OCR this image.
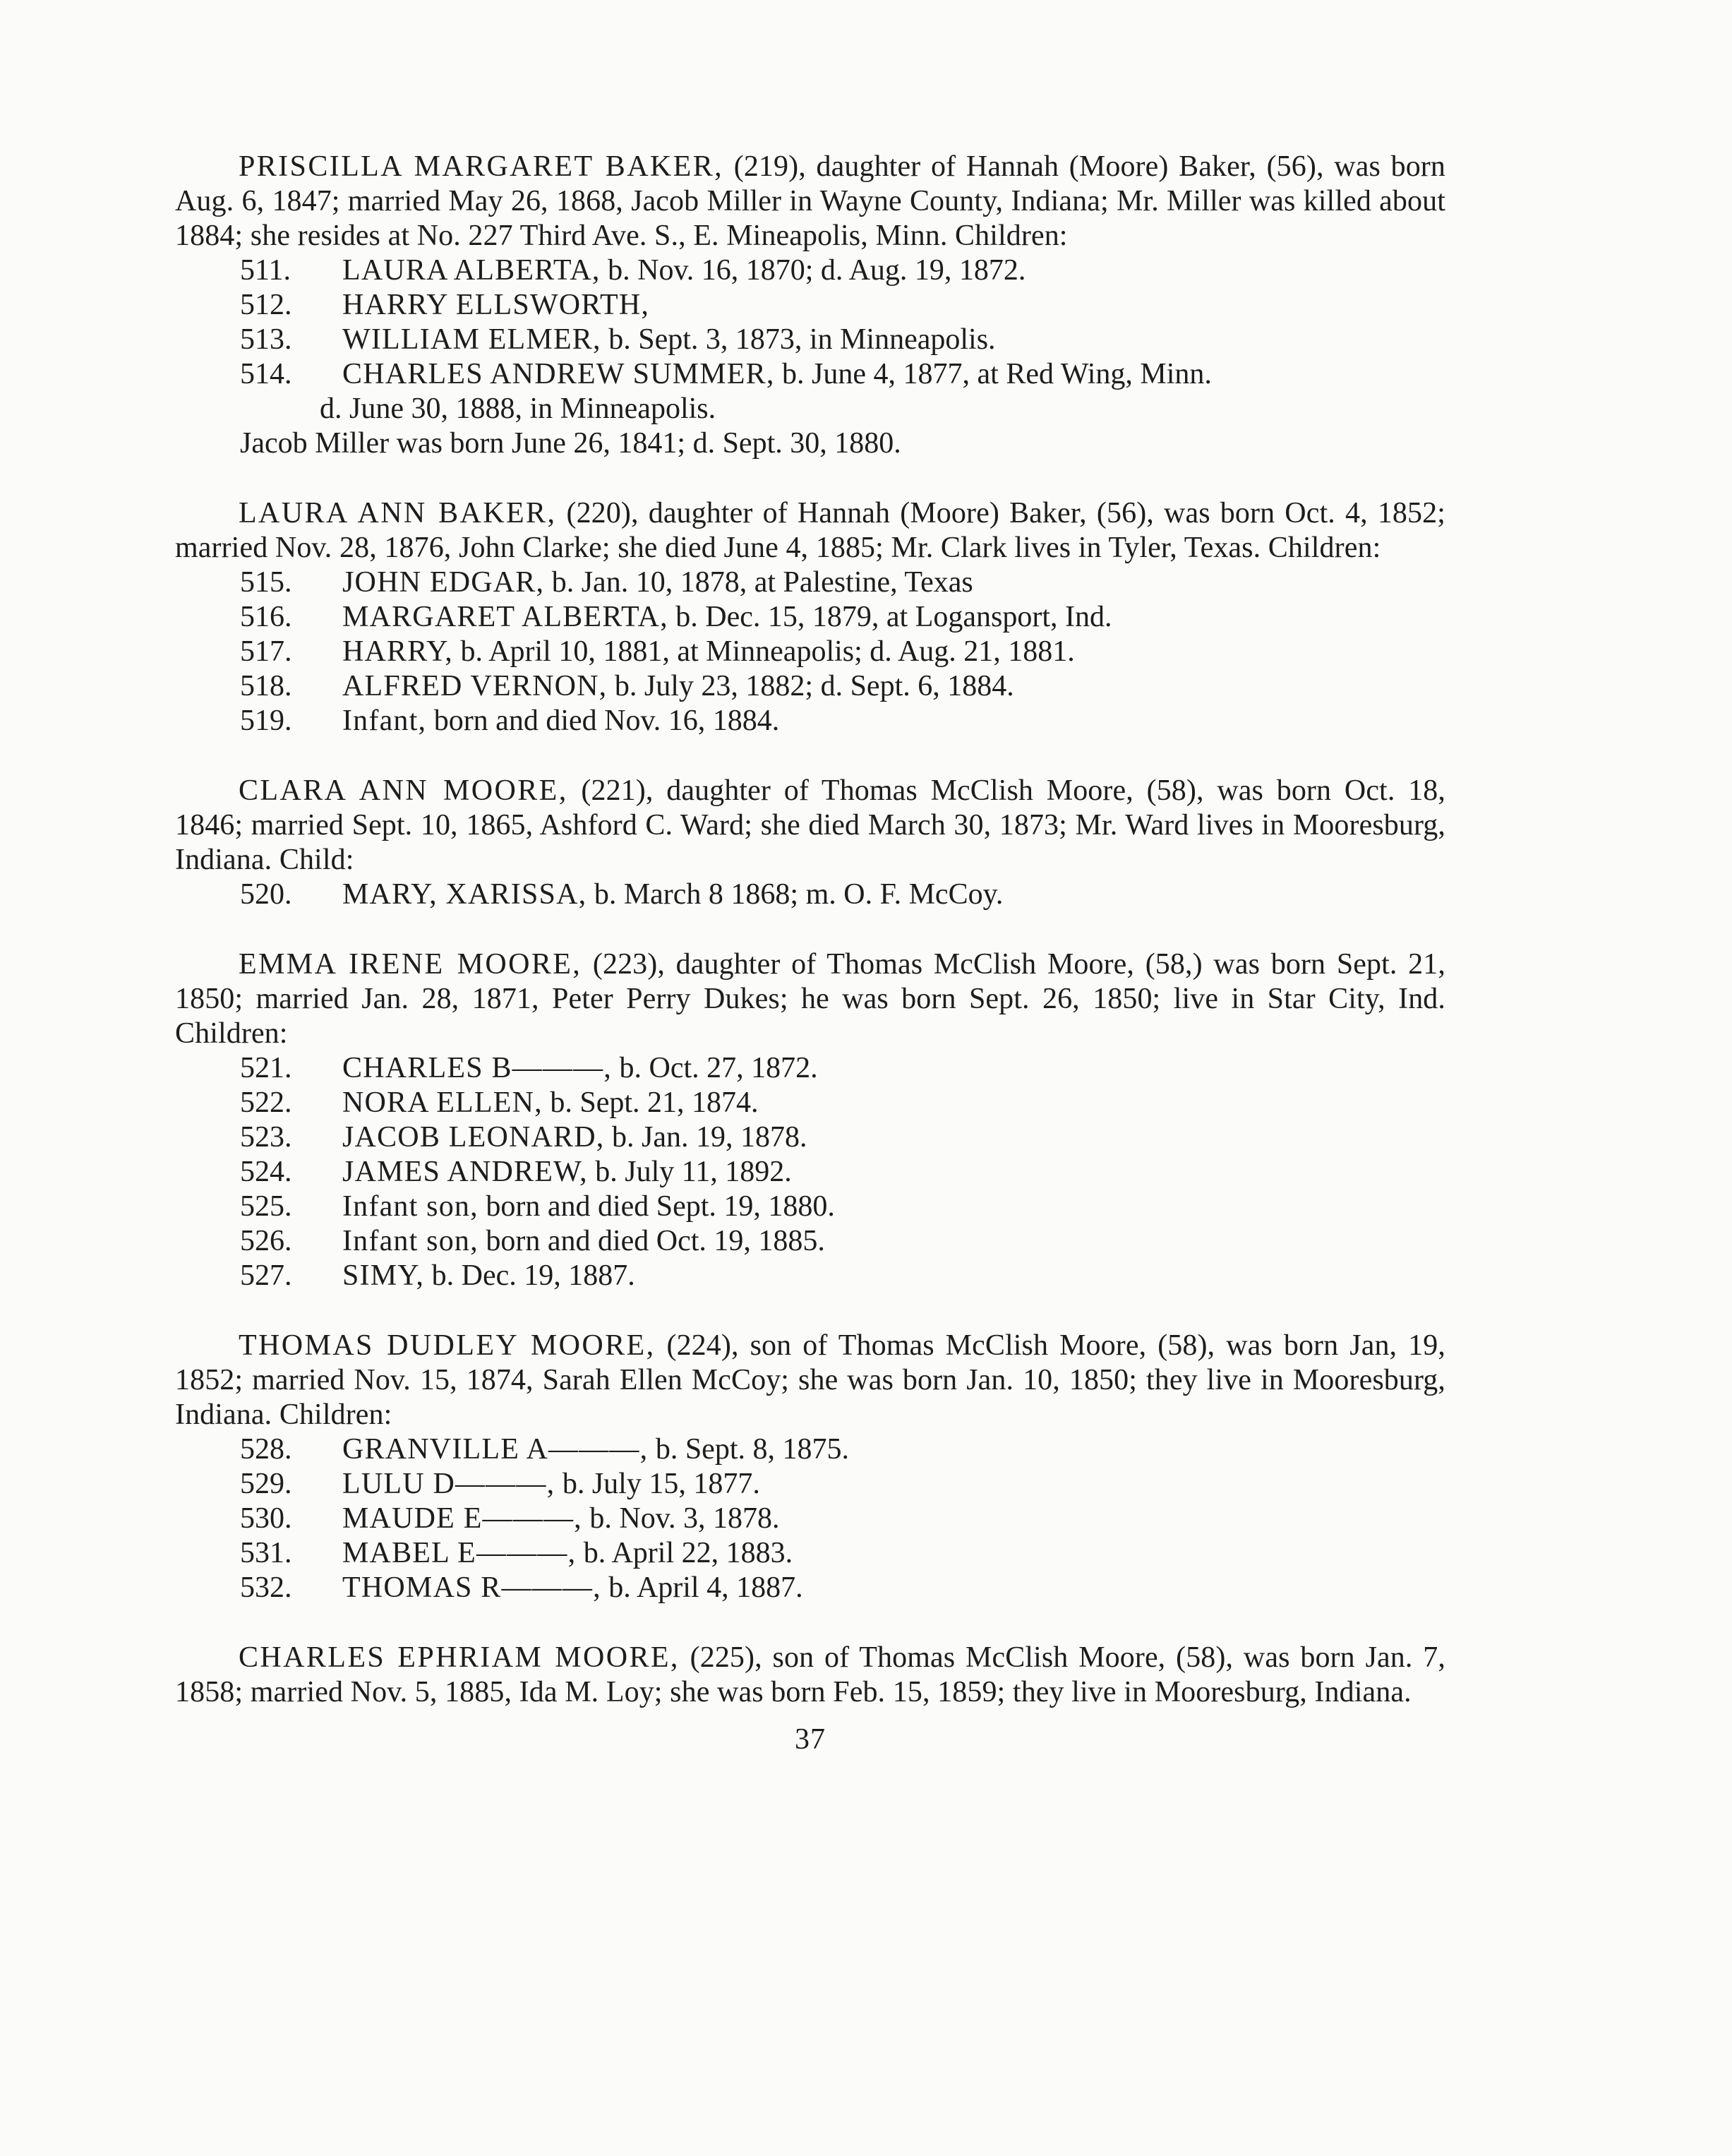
PRISCILLA MARGARET BAKER, (219), daughter of Hannah (Moore) Baker, (56), was born Aug. 6, 1847; married May 26, 1868, Jacob Miller in Wayne County, Indiana; Mr. Miller was killed about 1884; she resides at No. 227 Third Ave. S., E. Mineapolis, Minn. Children:

511. LAURA ALBERTA, b. Nov. 16, 1870; d. Aug. 19, 1872.
512. HARRY ELLSWORTH,
513. WILLIAM ELMER, b. Sept. 3, 1873, in Minneapolis.
514. CHARLES ANDREW SUMMER, b. June 4, 1877, at Red Wing, Minn.

d. June 30, 1888, in Minneapolis.

Jacob Miller was born June 26, 1841; d. Sept. 30, 1880.

LAURA ANN BAKER, (220), daughter of Hannah (Moore) Baker, (56), was born Oct. 4, 1852; married Nov. 28, 1876, John Clarke; she died June 4, 1885; Mr. Clark lives in Tyler, Texas. Children:

515. JOHN EDGAR, b. Jan. 10, 1878, at Palestine, Texas
516. MARGARET ALBERTA, b. Dec. 15, 1879, at Logansport, Ind.
517. HARRY, b. April 10, 1881, at Minneapolis; d. Aug. 21, 1881.
518. ALFRED VERNON, b. July 23, 1882; d. Sept. 6, 1884.
519. Infant, born and died Nov. 16, 1884.

CLARA ANN MOORE, (221), daughter of Thomas McClish Moore, (58), was born Oct. 18, 1846; married Sept. 10, 1865, Ashford C. Ward; she died March 30, 1873; Mr. Ward lives in Mooresburg, Indiana. Child:

520. MARY, XARISSA, b. March 8 1868; m. O. F. McCoy.

EMMA IRENE MOORE, (223), daughter of Thomas McClish Moore, (58,) was born Sept. 21, 1850; married Jan. 28, 1871, Peter Perry Dukes; he was born Sept. 26, 1850; live in Star City, Ind. Children:

521. CHARLES B———, b. Oct. 27, 1872.
522. NORA ELLEN, b. Sept. 21, 1874.
523. JACOB LEONARD, b. Jan. 19, 1878.
524. JAMES ANDREW, b. July 11, 1892.
525. Infant son, born and died Sept. 19, 1880.
526. Infant son, born and died Oct. 19, 1885.
527. SIMY, b. Dec. 19, 1887.

THOMAS DUDLEY MOORE, (224), son of Thomas McClish Moore, (58), was born Jan, 19, 1852; married Nov. 15, 1874, Sarah Ellen McCoy; she was born Jan. 10, 1850; they live in Mooresburg, Indiana. Children:

528. GRANVILLE A———, b. Sept. 8, 1875.
529. LULU D———, b. July 15, 1877.
530. MAUDE E———, b. Nov. 3, 1878.
531. MABEL E———, b. April 22, 1883.
532. THOMAS R———, b. April 4, 1887.

CHARLES EPHRIAM MOORE, (225), son of Thomas McClish Moore, (58), was born Jan. 7, 1858; married Nov. 5, 1885, Ida M. Loy; she was born Feb. 15, 1859; they live in Mooresburg, Indiana.

37
